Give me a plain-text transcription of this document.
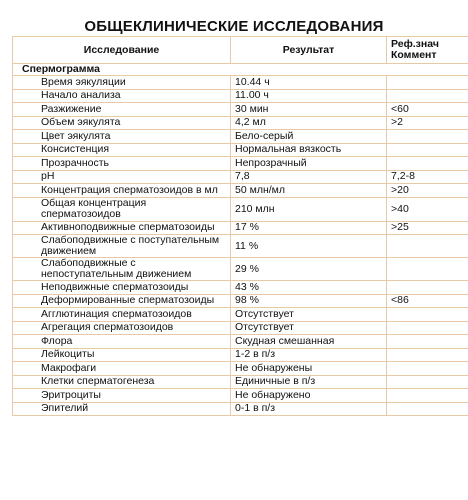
ОБЩЕКЛИНИЧЕСКИЕ ИССЛЕДОВАНИЯ
Исследование	Результат	Реф.знач
Коммент
Спермограмма		
Время эякуляции	10.44 ч	
Начало анализа	11.00 ч	
Разжижение	30 мин	<60
Объем эякулята	4,2 мл	>2
Цвет эякулята	Бело-серый	
Консистенция	Нормальная вязкость	
Прозрачность	Непрозрачный	
pH	7,8	7,2-8
Концентрация сперматозоидов в мл	50 млн/мл	>20
Общая концентрация сперматозоидов	210 млн	>40
Активноподвижные сперматозоиды	17 %	>25
Слабоподвижные с поступательным движением	11 %	
Слабоподвижные с непоступательным движением	29 %	
Неподвижные сперматозоиды	43 %	
Деформированные сперматозоиды	98 %	<86
Агглютинация сперматозоидов	Отсутствует	
Агрегация сперматозоидов	Отсутствует	
Флора	Скудная смешанная	
Лейкоциты	1-2 в п/з	
Макрофаги	Не обнаружены	
Клетки сперматогенеза	Единичные в п/з	
Эритроциты	Не обнаружено	
Эпителий	0-1 в п/з	
